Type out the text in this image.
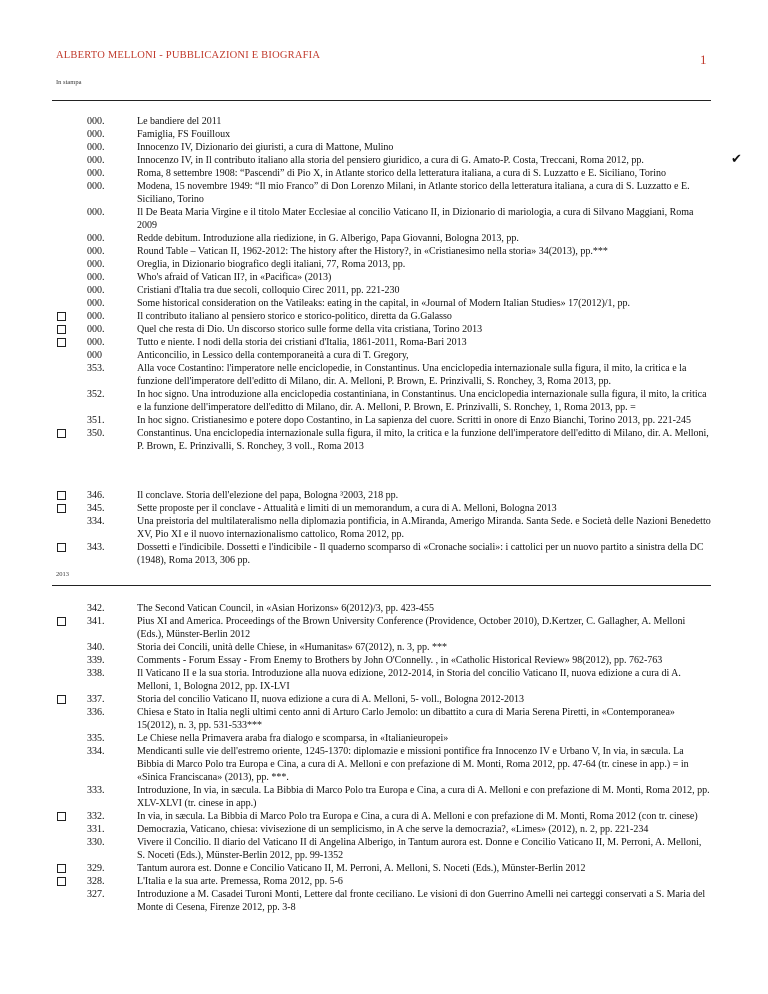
ALBERTO MELLONI - PUBBLICAZIONI E BIOGRAFIA	1
In stampa
000.	Le bandiere del 2011
000.	Famiglia, FS Fouilloux
000.	Innocenzo IV, Dizionario dei giuristi, a cura di Mattone, Mulino
000.	Innocenzo IV, in Il contributo italiano alla storia del pensiero giuridico, a cura di G. Amato-P. Costa, Treccani, Roma 2012, pp.	✔
000.	Roma, 8 settembre 1908: “Pascendi” di Pio X, in Atlante storico della letteratura italiana, a cura di S. Luzzatto e E. Siciliano, Torino
000.	Modena, 15 novembre 1949: “Il mio Franco” di Don Lorenzo Milani, in Atlante storico della letteratura italiana, a cura di S. Luzzatto e E. Siciliano, Torino
000.	Il De Beata Maria Virgine e il titolo Mater Ecclesiae al concilio Vaticano II, in Dizionario di mariologia, a cura di Silvano Maggiani, Roma 2009
000.	Redde debitum. Introduzione alla riedizione, in G. Alberigo, Papa Giovanni, Bologna 2013, pp.
000.	Round Table – Vatican II, 1962-2012: The history after the History?, in «Cristianesimo nella storia» 34(2013), pp.***
000.	Oreglia, in Dizionario biografico degli italiani, 77, Roma 2013, pp.
000.	Who's afraid of Vatican II?, in «Pacifica» (2013)
000.	Cristiani d'Italia tra due secoli, colloquio Cirec 2011, pp. 221-230
000.	Some historical consideration on the Vatileaks: eating in the capital, in «Journal of Modern Italian Studies» 17(2012)/1, pp.
000.	Il contributo italiano al pensiero storico e storico-politico, diretta da G.Galasso
000.	Quel che resta di Dio. Un discorso storico sulle forme della vita cristiana, Torino 2013
000.	Tutto e niente. I nodi della storia dei cristiani d'Italia, 1861-2011, Roma-Bari 2013
000	Anticoncilio, in Lessico della contemporaneità a cura di T. Gregory,
353.	Alla voce Costantino: l'imperatore nelle enciclopedie, in Constantinus. Una enciclopedia internazionale sulla figura, il mito, la critica e la funzione dell'imperatore dell'editto di Milano, dir. A. Melloni, P. Brown, E. Prinzivalli, S. Ronchey, 3, Roma 2013, pp.
352.	In hoc signo. Una introduzione alla enciclopedia costantiniana, in Constantinus. Una enciclopedia internazionale sulla figura, il mito, la critica e la funzione dell'imperatore dell'editto di Milano, dir. A. Melloni, P. Brown, E. Prinzivalli, S. Ronchey, 1, Roma 2013, pp. =
351.	In hoc signo. Cristianesimo e potere dopo Costantino, in La sapienza del cuore. Scritti in onore di Enzo Bianchi, Torino 2013, pp. 221-245
350.	Constantinus. Una enciclopedia internazionale sulla figura, il mito, la critica e la funzione dell'imperatore dell'editto di Milano, dir. A. Melloni, P. Brown, E. Prinzivalli, S. Ronchey, 3 voll., Roma 2013
346.	Il conclave. Storia dell'elezione del papa, Bologna ³2003, 218 pp.
345.	Sette proposte per il conclave - Attualità e limiti di un memorandum, a cura di A. Melloni, Bologna 2013
334.	Una preistoria del multilateralismo nella diplomazia pontificia, in A.Miranda, Amerigo Miranda. Santa Sede. e Società delle Nazioni Benedetto XV, Pio XI e il nuovo internazionalismo cattolico, Roma 2012, pp.
343.	Dossetti e l'indicibile. Dossetti e l'indicibile - Il quaderno scomparso di «Cronache sociali»: i cattolici per un nuovo partito a sinistra della DC (1948), Roma 2013, 306 pp.
2013
342.	The Second Vatican Council, in «Asian Horizons» 6(2012)/3, pp. 423-455
341.	Pius XI and America. Proceedings of the Brown University Conference (Providence, October 2010), D.Kertzer, C. Gallagher, A. Melloni (Eds.), Münster-Berlin 2012
340.	Storia dei Concili, unità delle Chiese, in «Humanitas» 67(2012), n. 3, pp. ***
339.	Comments - Forum Essay - From Enemy to Brothers by John O'Connelly. , in «Catholic Historical Review» 98(2012), pp. 762-763
338.	Il Vaticano II e la sua storia. Introduzione alla nuova edizione, 2012-2014, in Storia del concilio Vaticano II, nuova edizione a cura di A. Melloni, 1, Bologna 2012, pp. IX-LVI
337.	Storia del concilio Vaticano II, nuova edizione a cura di A. Melloni, 5- voll., Bologna 2012-2013
336.	Chiesa e Stato in Italia negli ultimi cento anni di Arturo Carlo Jemolo: un dibattito a cura di Maria Serena Piretti, in «Contemporanea» 15(2012), n. 3, pp. 531-533***
335.	Le Chiese nella Primavera araba fra dialogo e scomparsa, in «Italianieuropei»
334.	Mendicanti sulle vie dell'estremo oriente, 1245-1370: diplomazie e missioni pontifice fra Innocenzo IV e Urbano V, In via, in sæcula. La Bibbia di Marco Polo tra Europa e Cina, a cura di A. Melloni e con prefazione di M. Monti, Roma 2012, pp. 47-64 (tr. cinese in app.) = in «Sinica Franciscana» (2013), pp. ***.
333.	Introduzione, In via, in sæcula. La Bibbia di Marco Polo tra Europa e Cina, a cura di A. Melloni e con prefazione di M. Monti, Roma 2012, pp. XLV-XLVI (tr. cinese in app.)
332.	In via, in sæcula. La Bibbia di Marco Polo tra Europa e Cina, a cura di A. Melloni e con prefazione di M. Monti, Roma 2012 (con tr. cinese)
331.	Democrazia, Vaticano, chiesa: vivisezione di un semplicismo, in A che serve la democrazia?, «Limes» (2012), n. 2, pp. 221-234
330.	Vivere il Concilio. Il diario del Vaticano II di Angelina Alberigo, in Tantum aurora est. Donne e Concilio Vaticano II, M. Perroni, A. Melloni, S. Noceti (Eds.), Münster-Berlin 2012, pp. 99-1352
329.	Tantum aurora est. Donne e Concilio Vaticano II, M. Perroni, A. Melloni, S. Noceti (Eds.), Münster-Berlin 2012
328.	L'Italia e la sua arte. Premessa, Roma 2012, pp. 5-6
327.	Introduzione a M. Casadei Turoni Monti, Lettere dal fronte ceciliano. Le visioni di don Guerrino Amelli nei carteggi conservati a S. Maria del Monte di Cesena, Firenze 2012, pp. 3-8
